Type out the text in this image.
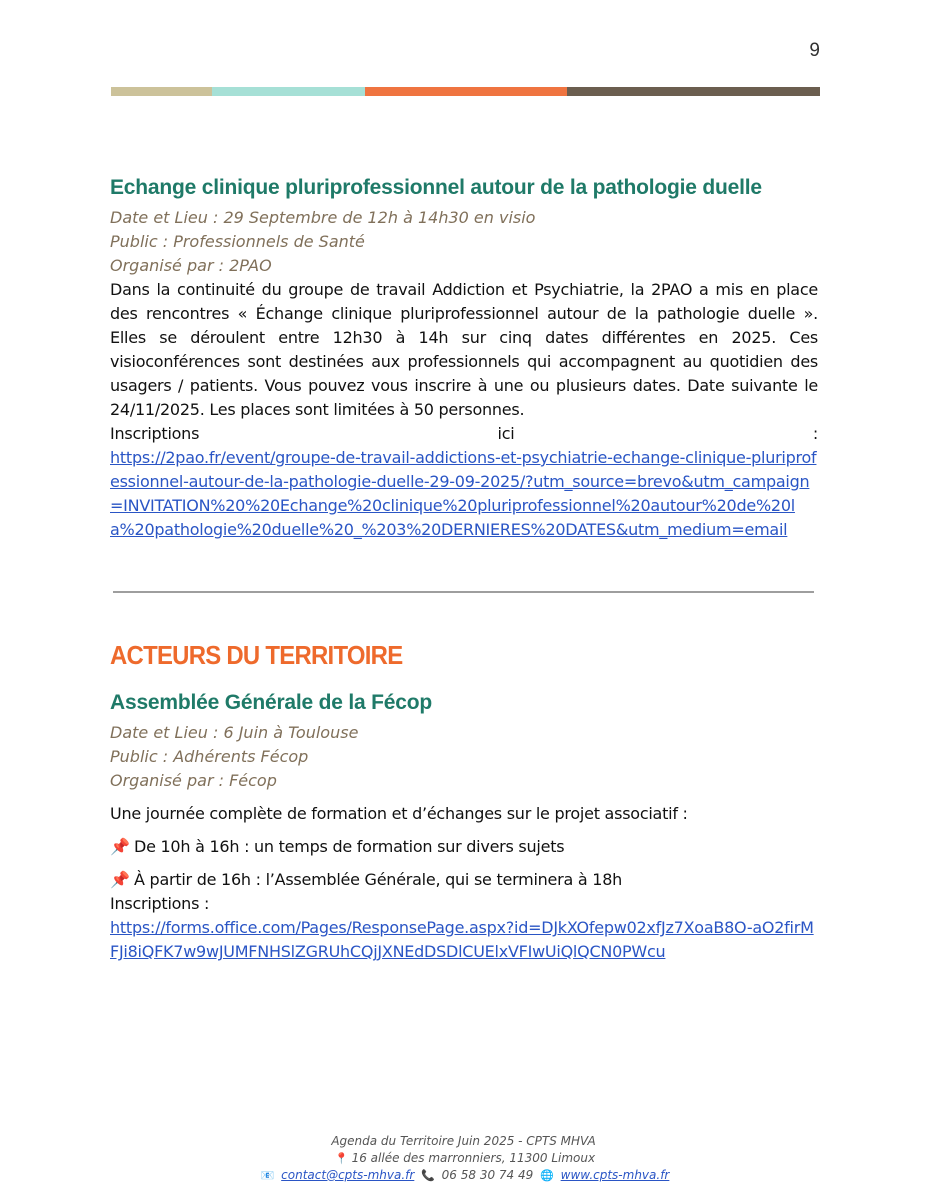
9
Echange clinique pluriprofessionnel autour de la pathologie duelle

Date et Lieu : 29 Septembre de 12h à 14h30 en visio

Public : Professionnels de Santé

Organisé par : 2PAO

Dans la continuité du groupe de travail Addiction et Psychiatrie, la 2PAO a mis en place des rencontres « Échange clinique pluriprofessionnel autour de la pathologie duelle ». Elles se déroulent entre 12h30 à 14h sur cinq dates différentes en 2025. Ces visioconférences sont destinées aux professionnels qui accompagnent au quotidien des usagers / patients. Vous pouvez vous inscrire à une ou plusieurs dates. Date suivante le 24/11/2025. Les places sont limitées à 50 personnes.

Inscriptions	ici	:
https://2pao.fr/event/groupe-de-travail-addictions-et-psychiatrie-echange-clinique-pluriprofessionnel-autour-de-la-pathologie-duelle-29-09-2025/?utm_source=brevo&utm_campaign=INVITATION%20%20Echange%20clinique%20pluriprofessionnel%20autour%20de%20la%20pathologie%20duelle%20_%203%20DERNIERES%20DATES&utm_medium=email
ACTEURS DU TERRITOIRE
Assemblée Générale de la Fécop

Date et Lieu : 6 Juin à Toulouse

Public : Adhérents Fécop

Organisé par : Fécop

Une journée complète de formation et d’échanges sur le projet associatif :

📌 De 10h à 16h : un temps de formation sur divers sujets
📌 À partir de 16h : l’Assemblée Générale, qui se terminera à 18h

Inscriptions :

https://forms.office.com/Pages/ResponsePage.aspx?id=DJkXOfepw02xfJz7XoaB8O-aO2firMFJi8iQFK7w9wJUMFNHSlZGRUhCQjJXNEdDSDlCUElxVFIwUiQlQCN0PWcu
Agenda du Territoire Juin 2025 - CPTS MHVA
📍 16 allée des marronniers, 11300 Limoux
📧 contact@cpts-mhva.fr 📞 06 58 30 74 49 🌐 www.cpts-mhva.fr
